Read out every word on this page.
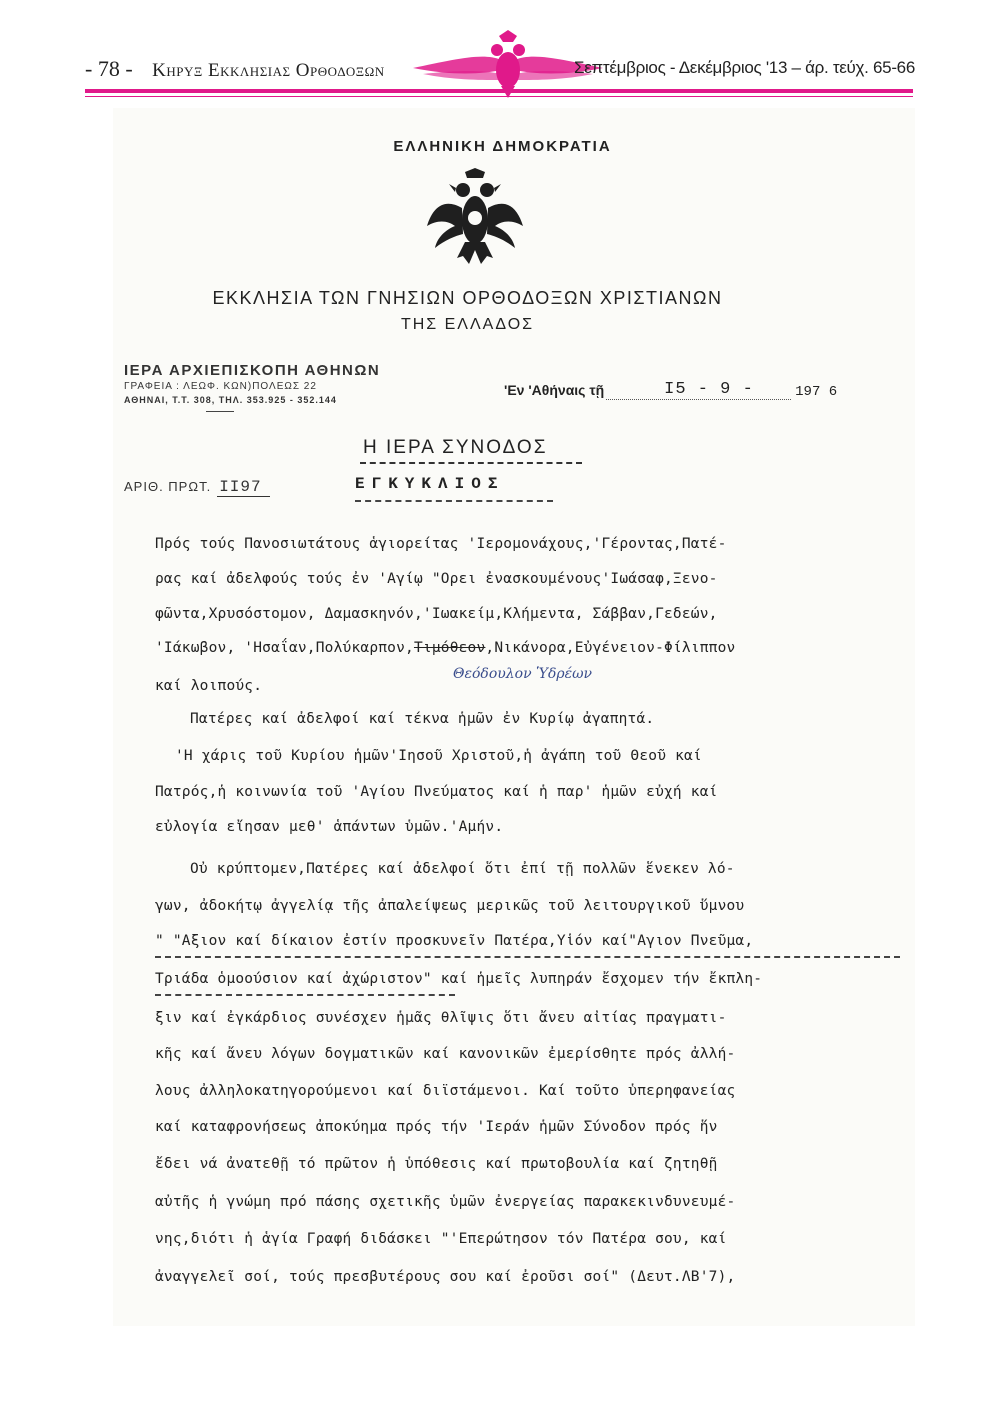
- 78 - Κηρυξ Εκκλησιας Ορθοδοξων	Σεπτέμβριος - Δεκέμβριος '13 – άρ. τεύχ. 65-66
ΕΛΛΗΝΙΚΗ ΔΗΜΟΚΡΑΤΙΑ
ΕΚΚΛΗΣΙΑ ΤΩΝ ΓΝΗΣΙΩΝ ΟΡΘΟΔΟΞΩΝ ΧΡΙΣΤΙΑΝΩΝ
ΤΗΣ ΕΛΛΑΔΟΣ
ΙΕΡΑ ΑΡΧΙΕΠΙΣΚΟΠΗ ΑΘΗΝΩΝ
ΓΡΑΦΕΙΑ : ΛΕΩΦ. ΚΩΝ)ΠΟΛΕΩΣ 22
ΑΘΗΝΑΙ, Τ.Τ. 308, ΤΗΛ. 353.925 - 352.144
'Εν 'Αθήναις τῇ	I5 - 9 -	197 6
Η ΙΕΡΑ ΣΥΝΟΔΟΣ
ΑΡΙΘ. ΠΡΩΤ. II97	ΕΓΚΥΚΛΙΟΣ
Πρός τούς Πανοσιωτάτους ἁγιορείτας 'Ιερομονάχους,'Γέροντας,Πατέ-
ρας καί ἀδελφούς τούς ἐν 'Αγίῳ "Ορει ἐνασκουμένους'Ιωάσαφ,Ξενο-
φῶντα,Χρυσόστομον, Δαμασκηνόν,'Ιωακείμ,Κλήμεντα, Σάββαν,Γεδεών,
'Ιάκωβον, 'Ησαΐαν,Πολύκαρπον,Τιμόθεον,Νικάνορα,Εὐγένειον-Φίλιππον
Θεόδουλον Ὑδρέων
καί λοιπούς.
Πατέρες καί ἀδελφοί καί τέκνα ἡμῶν ἐν Κυρίῳ ἀγαπητά.
'Η χάρις τοῦ Κυρίου ἡμῶν'Ιησοῦ Χριστοῦ,ἡ ἀγάπη τοῦ Θεοῦ καί
Πατρός,ἡ κοινωνία τοῦ 'Αγίου Πνεύματος καί ἡ παρ' ἡμῶν εὐχή καί
εὐλογία εἴησαν μεθ' ἁπάντων ὑμῶν.'Αμήν.
Οὐ κρύπτομεν,Πατέρες καί ἀδελφοί ὅτι ἐπί τῇ πολλῶν ἕνεκεν λό-
γων, ἀδοκήτῳ ἀγγελίᾳ τῆς ἀπαλείψεως μερικῶς τοῦ λειτουργικοῦ ὕμνου
" "Αξιον καί δίκαιον ἐστίν προσκυνεῖν Πατέρα,Υἱόν καί"Αγιον Πνεῦμα,
Τριάδα ὁμοούσιον καί ἀχώριστον" καί ἡμεῖς λυπηράν ἔσχομεν τήν ἔκπλη-
ξιν καί ἐγκάρδιος συνέσχεν ἡμᾶς θλῖψις ὅτι ἄνευ αἰτίας πραγματι-
κῆς καί ἄνευ λόγων δογματικῶν καί κανονικῶν ἐμερίσθητε πρός ἀλλή-
λους ἀλληλοκατηγορούμενοι καί διϊστάμενοι. Καί τοῦτο ὑπερηφανείας
καί καταφρονήσεως ἀποκύημα πρός τήν 'Ιεράν ἡμῶν Σύνοδον πρός ἥν
ἔδει νά ἀνατεθῇ τό πρῶτον ἡ ὑπόθεσις καί πρωτοβουλία καί ζητηθῇ
αὐτῆς ἡ γνώμη πρό πάσης σχετικῆς ὑμῶν ἐνεργείας παρακεκινδυνευμέ-
νης,διότι ἡ ἁγία Γραφή διδάσκει "'Επερώτησον τόν Πατέρα σου, καί
ἀναγγελεῖ σοί, τούς πρεσβυτέρους σου καί ἐροῦσι σοί" (Δευτ.ΛΒ'7),
